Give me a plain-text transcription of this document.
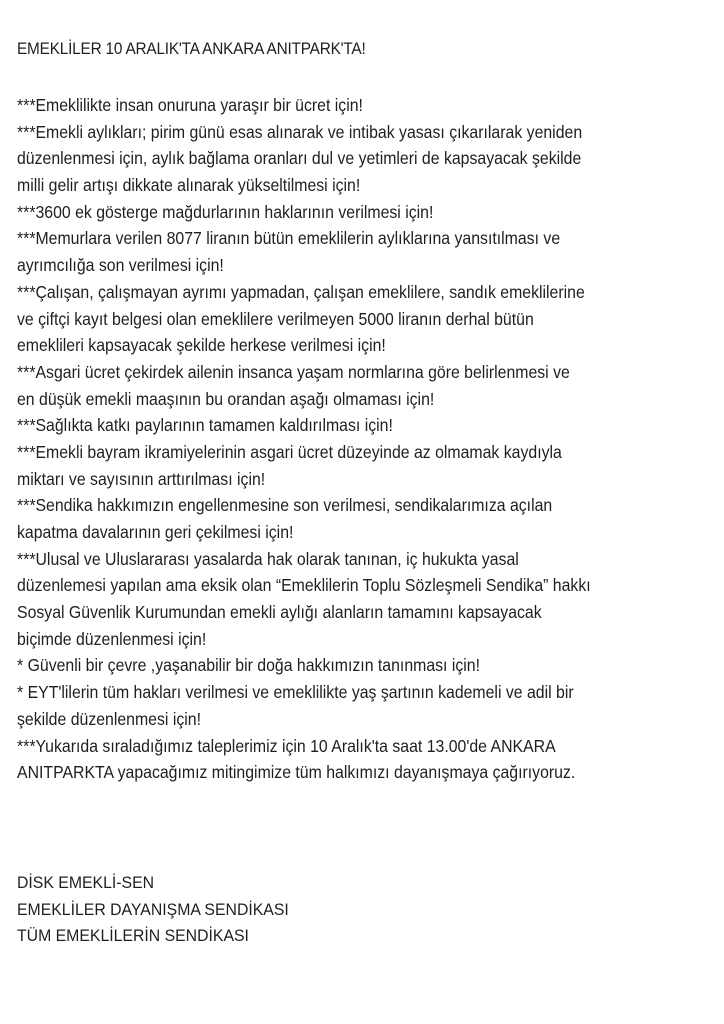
EMEKLİLER 10 ARALIK'TA ANKARA ANITPARK'TA!
***Emeklilikte insan onuruna yaraşır bir ücret için!
***Emekli aylıkları; pirim günü esas alınarak ve intibak yasası çıkarılarak yeniden
düzenlenmesi için, aylık bağlama oranları dul ve yetimleri de kapsayacak şekilde
milli gelir artışı dikkate alınarak yükseltilmesi için!
***3600 ek gösterge mağdurlarının haklarının verilmesi için!
***Memurlara verilen 8077 liranın bütün emeklilerin aylıklarına yansıtılması ve
ayrımcılığa son verilmesi için!
***Çalışan, çalışmayan ayrımı yapmadan, çalışan emeklilere, sandık emeklilerine
ve çiftçi kayıt belgesi olan emeklilere verilmeyen 5000 liranın derhal bütün
emeklileri kapsayacak şekilde herkese verilmesi için!
***Asgari ücret çekirdek ailenin insanca yaşam normlarına göre belirlenmesi ve
en düşük emekli maaşının bu orandan aşağı olmaması için!
***Sağlıkta katkı paylarının tamamen kaldırılması için!
***Emekli bayram ikramiyelerinin asgari ücret düzeyinde az olmamak kaydıyla
miktarı ve sayısının arttırılması için!
***Sendika hakkımızın engellenmesine son verilmesi, sendikalarımıza açılan
kapatma davalarının geri çekilmesi için!
***Ulusal ve Uluslararası yasalarda hak olarak tanınan, iç hukukta yasal
düzenlemesi yapılan ama eksik olan “Emeklilerin Toplu Sözleşmeli Sendika” hakkı
Sosyal Güvenlik Kurumundan emekli aylığı alanların tamamını kapsayacak
biçimde düzenlenmesi için!
* Güvenli bir çevre ,yaşanabilir bir doğa hakkımızın tanınması için!
* EYT'lilerin tüm hakları verilmesi ve emeklilikte yaş şartının kademeli ve adil bir
şekilde düzenlenmesi için!
***Yukarıda sıraladığımız taleplerimiz için 10 Aralık'ta saat 13.00'de ANKARA
ANITPARKTA yapacağımız mitingimize tüm halkımızı dayanışmaya çağırıyoruz.
DİSK EMEKLİ-SEN
EMEKLİLER DAYANIŞMA SENDİKASI
TÜM EMEKLİLERİN SENDİKASI
